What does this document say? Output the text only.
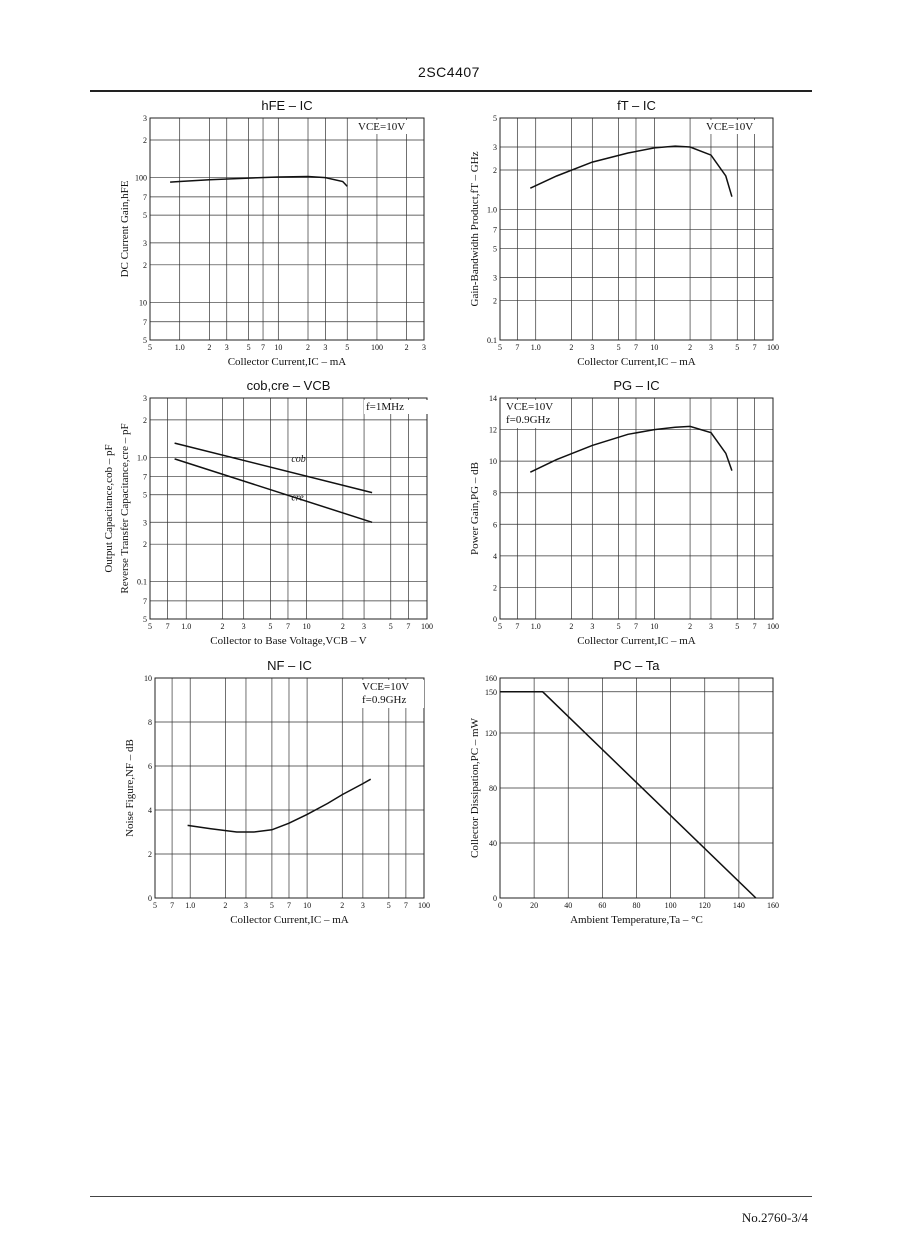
2SC4407
5	1.0	2 3 5 7 10	2 3 5	100	2 3
3
2
100
7
5
3
2
10
7
5
hFE – IC
Collector Current,IC – mA
DC Current Gain,hFE
VCE=10V
5 7 1.0	2 3	5 7 10	2 3	5 7 100
5
3
2
1.0
7
5
3
2
0.1
fT – IC
Collector Current,IC – mA
Gain-Bandwidth Product,fT – GHz
VCE=10V
5 7 1.0	2 3	5 7 10	2 3	5 7 100
3
2
1.0
7
5
3
2
0.1
7
5
cob,cre – VCB
Collector to Base Voltage,VCB – V
Output Capacitance,cob – pF Reverse Transfer Capacitance,cre – pF
f=1MHz
cob
cre
5 7 1.0	2 3	5 7 10	2 3	5 7 100
14
12
10
8
6
4
2
0
PG – IC
Collector Current,IC – mA
Power Gain,PG – dB
VCE=10V
f=0.9GHz
5 7 1.0	2 3	5 7 10	2 3	5 7 100
10
8
6
4
2
0
NF – IC
Collector Current,IC – mA
Noise Figure,NF – dB
VCE=10V
f=0.9GHz
0	20	40	60	80	100	120	140	160
160
150
120
80
40
0
PC – Ta
Ambient Temperature,Ta – °C
Collector Dissipation,PC – mW
No.2760-3/4
